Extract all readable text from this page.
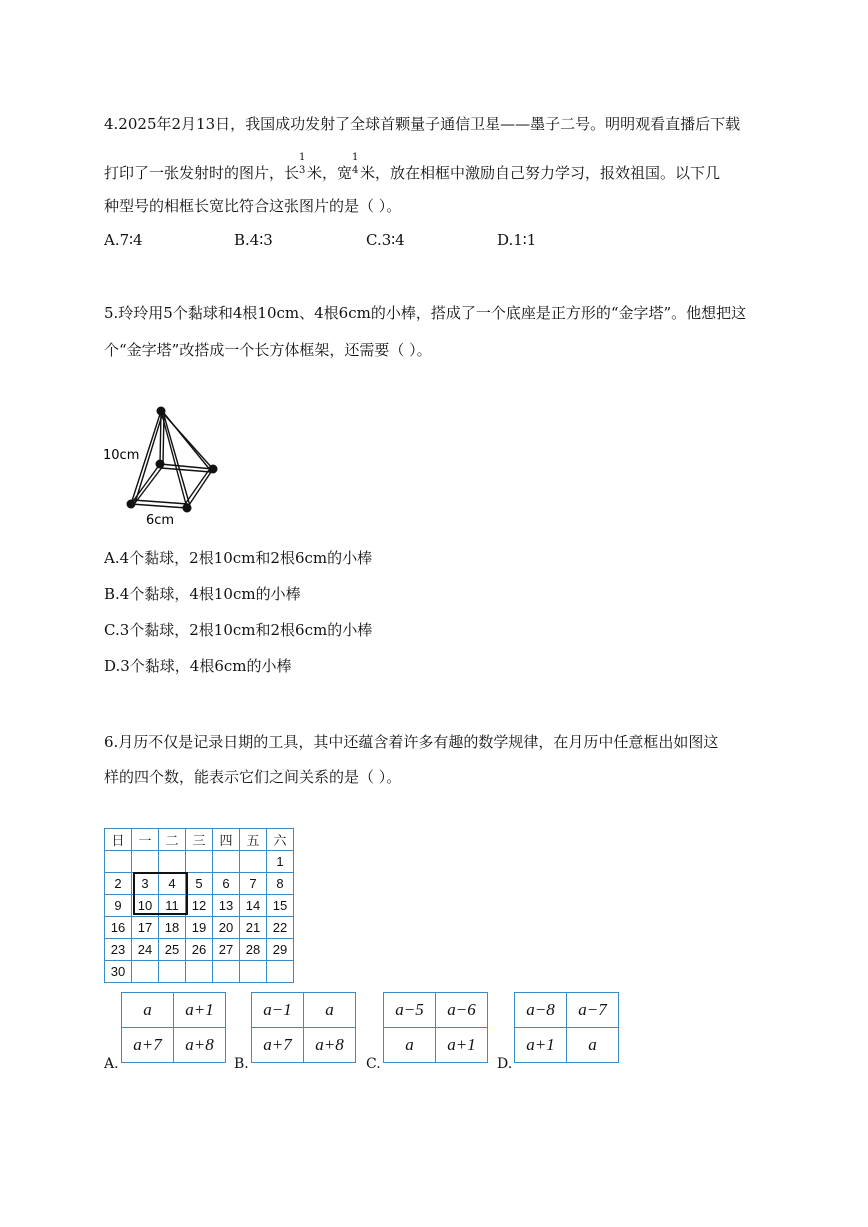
4.2025年2月13日，我国成功发射了全球首颗量子通信卫星——墨子二号。明明观看直播后下载
打印了一张发射时的图片，长
1
3 米，宽
1
4 米，放在相框中激励自己努力学习，报效祖国。以下几
种型号的相框长宽比符合这张图片的是（ ）。
A.7∶4	B.4∶3	C.3∶4	D.1∶1
5.玲玲用5个黏球和4根10cm、4根6cm的小棒，搭成了一个底座是正方形的“金字塔”。他想把这
个“金字塔”改搭成一个长方体框架，还需要（ ）。
10cm
6cm
A.4个黏球，2根10cm和2根6cm的小棒
B.4个黏球，4根10cm的小棒
C.3个黏球，2根10cm和2根6cm的小棒
D.3个黏球，4根6cm的小棒
6.月历不仅是记录日期的工具，其中还蕴含着许多有趣的数学规律，在月历中任意框出如图这
样的四个数，能表示它们之间关系的是（ ）。
日	一	二	三	四	五	六
						1
2	3	4	5	6	7	8
9	10	11	12	13	14	15
16	17	18	19	20	21	22
23	24	25	26	27	28	29
30						
A.
a	a+1
a+7	a+8
B.
a−1	a
a+7	a+8
C.
a−5	a−6
a	a+1
D.
a−8	a−7
a+1	a
